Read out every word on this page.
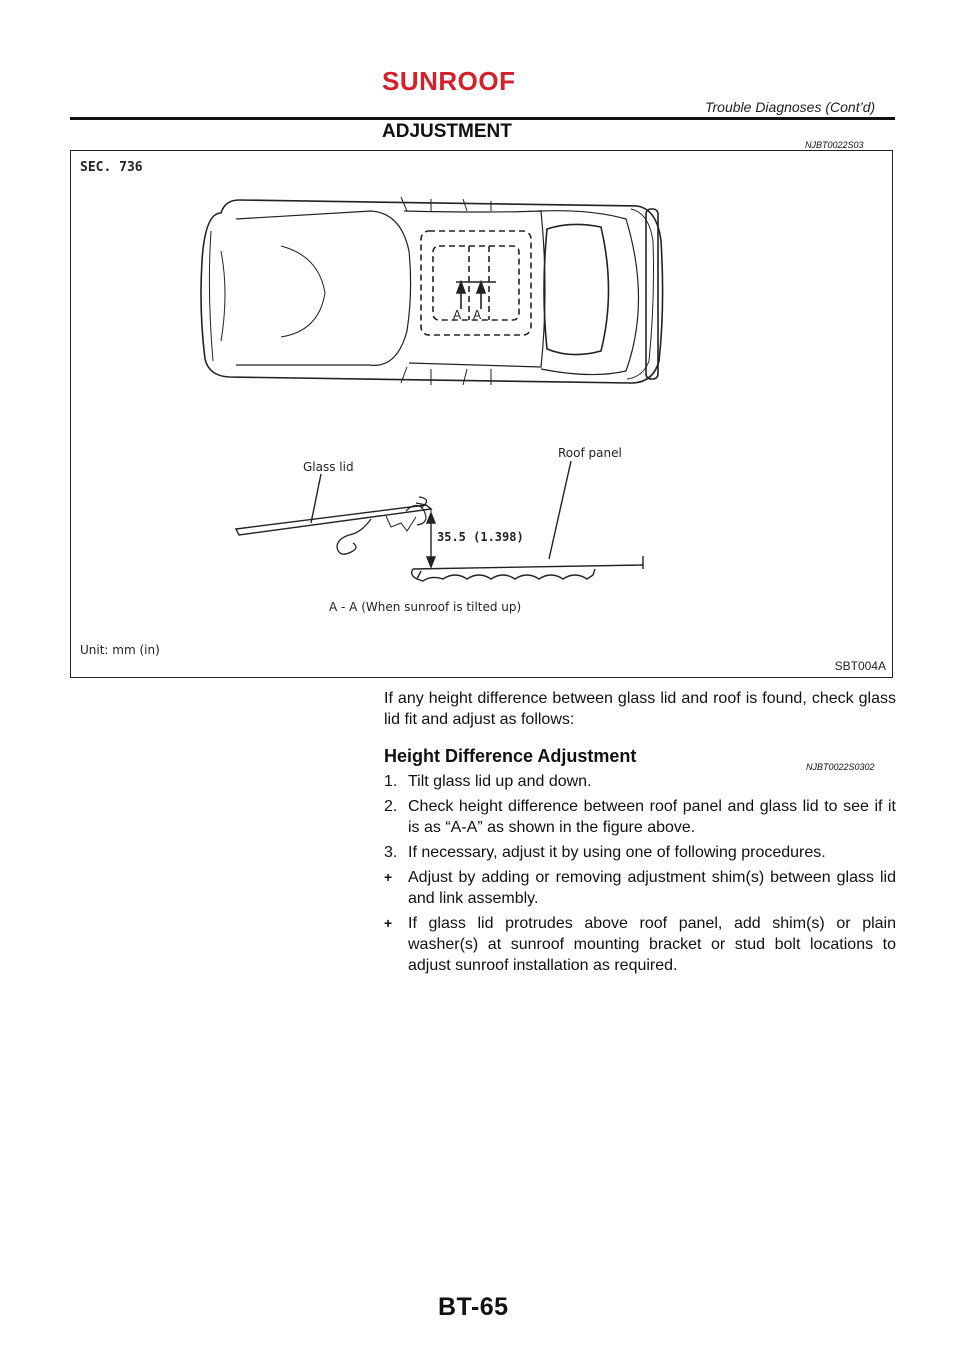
SUNROOF
Trouble Diagnoses (Cont’d)
ADJUSTMENT
NJBT0022S03
SEC. 736
A A
Glass lid
Roof panel
35.5 (1.398)
A - A (When sunroof is tilted up)
Unit: mm (in)
SBT004A
If any height difference between glass lid and roof is found, check glass lid fit and adjust as follows:
Height Difference Adjustment
NJBT0022S0302
1. Tilt glass lid up and down.
2. Check height difference between roof panel and glass lid to see if it is as “A-A” as shown in the figure above.
3. If necessary, adjust it by using one of following procedures.
+ Adjust by adding or removing adjustment shim(s) between glass lid and link assembly.
+ If glass lid protrudes above roof panel, add shim(s) or plain washer(s) at sunroof mounting bracket or stud bolt locations to adjust sunroof installation as required.
BT-65
